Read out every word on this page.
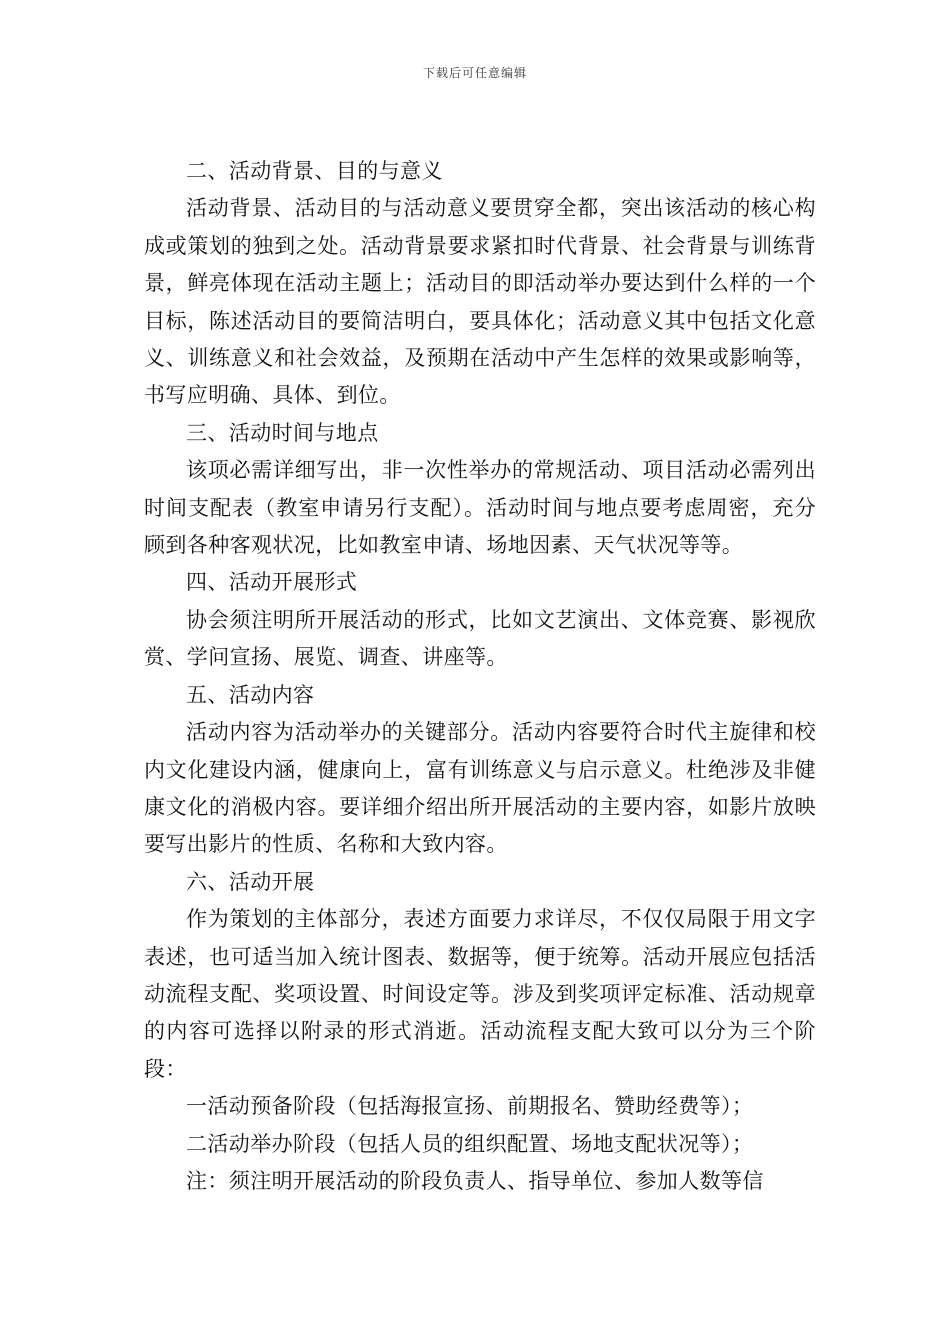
下载后可任意编辑

二、活动背景、目的与意义

活动背景、活动目的与活动意义要贯穿全都，突出该活动的核心构成或策划的独到之处。活动背景要求紧扣时代背景、社会背景与训练背景，鲜亮体现在活动主题上；活动目的即活动举办要达到什么样的一个目标，陈述活动目的要简洁明白，要具体化；活动意义其中包括文化意义、训练意义和社会效益，及预期在活动中产生怎样的效果或影响等，书写应明确、具体、到位。

三、活动时间与地点

该项必需详细写出，非一次性举办的常规活动、项目活动必需列出时间支配表（教室申请另行支配）。活动时间与地点要考虑周密，充分顾到各种客观状况，比如教室申请、场地因素、天气状况等等。

四、活动开展形式

协会须注明所开展活动的形式，比如文艺演出、文体竞赛、影视欣赏、学问宣扬、展览、调查、讲座等。

五、活动内容

活动内容为活动举办的关键部分。活动内容要符合时代主旋律和校内文化建设内涵，健康向上，富有训练意义与启示意义。杜绝涉及非健康文化的消极内容。要详细介绍出所开展活动的主要内容，如影片放映要写出影片的性质、名称和大致内容。

六、活动开展

作为策划的主体部分，表述方面要力求详尽，不仅仅局限于用文字表述，也可适当加入统计图表、数据等，便于统筹。活动开展应包括活动流程支配、奖项设置、时间设定等。涉及到奖项评定标准、活动规章的内容可选择以附录的形式消逝。活动流程支配大致可以分为三个阶段：

一活动预备阶段（包括海报宣扬、前期报名、赞助经费等）；

二活动举办阶段（包括人员的组织配置、场地支配状况等）；

注：须注明开展活动的阶段负责人、指导单位、参加人数等信
